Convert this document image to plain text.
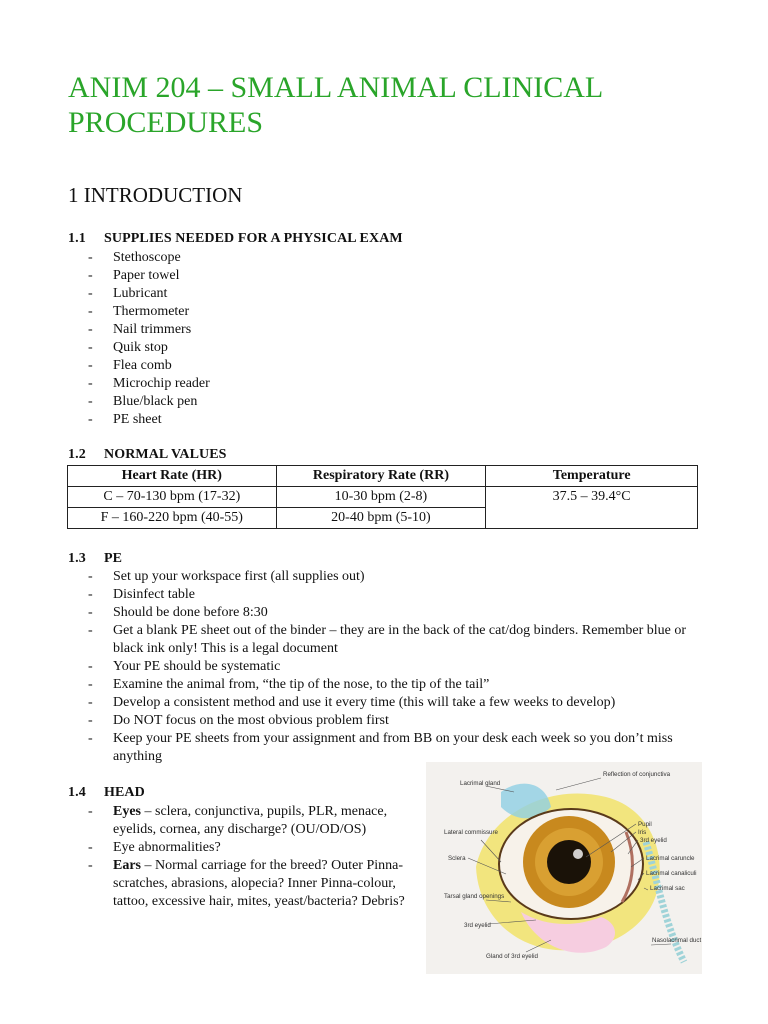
ANIM 204 – SMALL ANIMAL CLINICAL PROCEDURES
1 INTRODUCTION
1.1 SUPPLIES NEEDED FOR A PHYSICAL EXAM
- Stethoscope
- Paper towel
- Lubricant
- Thermometer
- Nail trimmers
- Quik stop
- Flea comb
- Microchip reader
- Blue/black pen
- PE sheet
1.2 NORMAL VALUES
Heart Rate (HR)	Respiratory Rate (RR)	Temperature
C – 70-130 bpm (17-32)	10-30 bpm (2-8)	37.5 – 39.4°C
F – 160-220 bpm (40-55)	20-40 bpm (5-10)	
1.3 PE
- Set up your workspace first (all supplies out)
- Disinfect table
- Should be done before 8:30
- Get a blank PE sheet out of the binder – they are in the back of the cat/dog binders. Remember blue or black ink only! This is a legal document
- Your PE should be systematic
- Examine the animal from, “the tip of the nose, to the tip of the tail”
- Develop a consistent method and use it every time (this will take a few weeks to develop)
- Do NOT focus on the most obvious problem first
- Keep your PE sheets from your assignment and from BB on your desk each week so you don’t miss anything
1.4 HEAD
- Eyes – sclera, conjunctiva, pupils, PLR, menace, eyelids, cornea, any discharge? (OU/OD/OS)
- Eye abnormalities?
- Ears – Normal carriage for the breed? Outer Pinna-scratches, abrasions, alopecia? Inner Pinna-colour, tattoo, excessive hair, mites, yeast/bacteria? Debris?
Lacrimal gland
Reflection of conjunctiva
Pupil
Iris
3rd eyelid
Lateral commissure
Lacrimal caruncle
Sclera
Lacrimal canaliculi
Lacrimal sac
Tarsal gland openings
3rd eyelid
Nasolacrimal duct
Gland of 3rd eyelid
